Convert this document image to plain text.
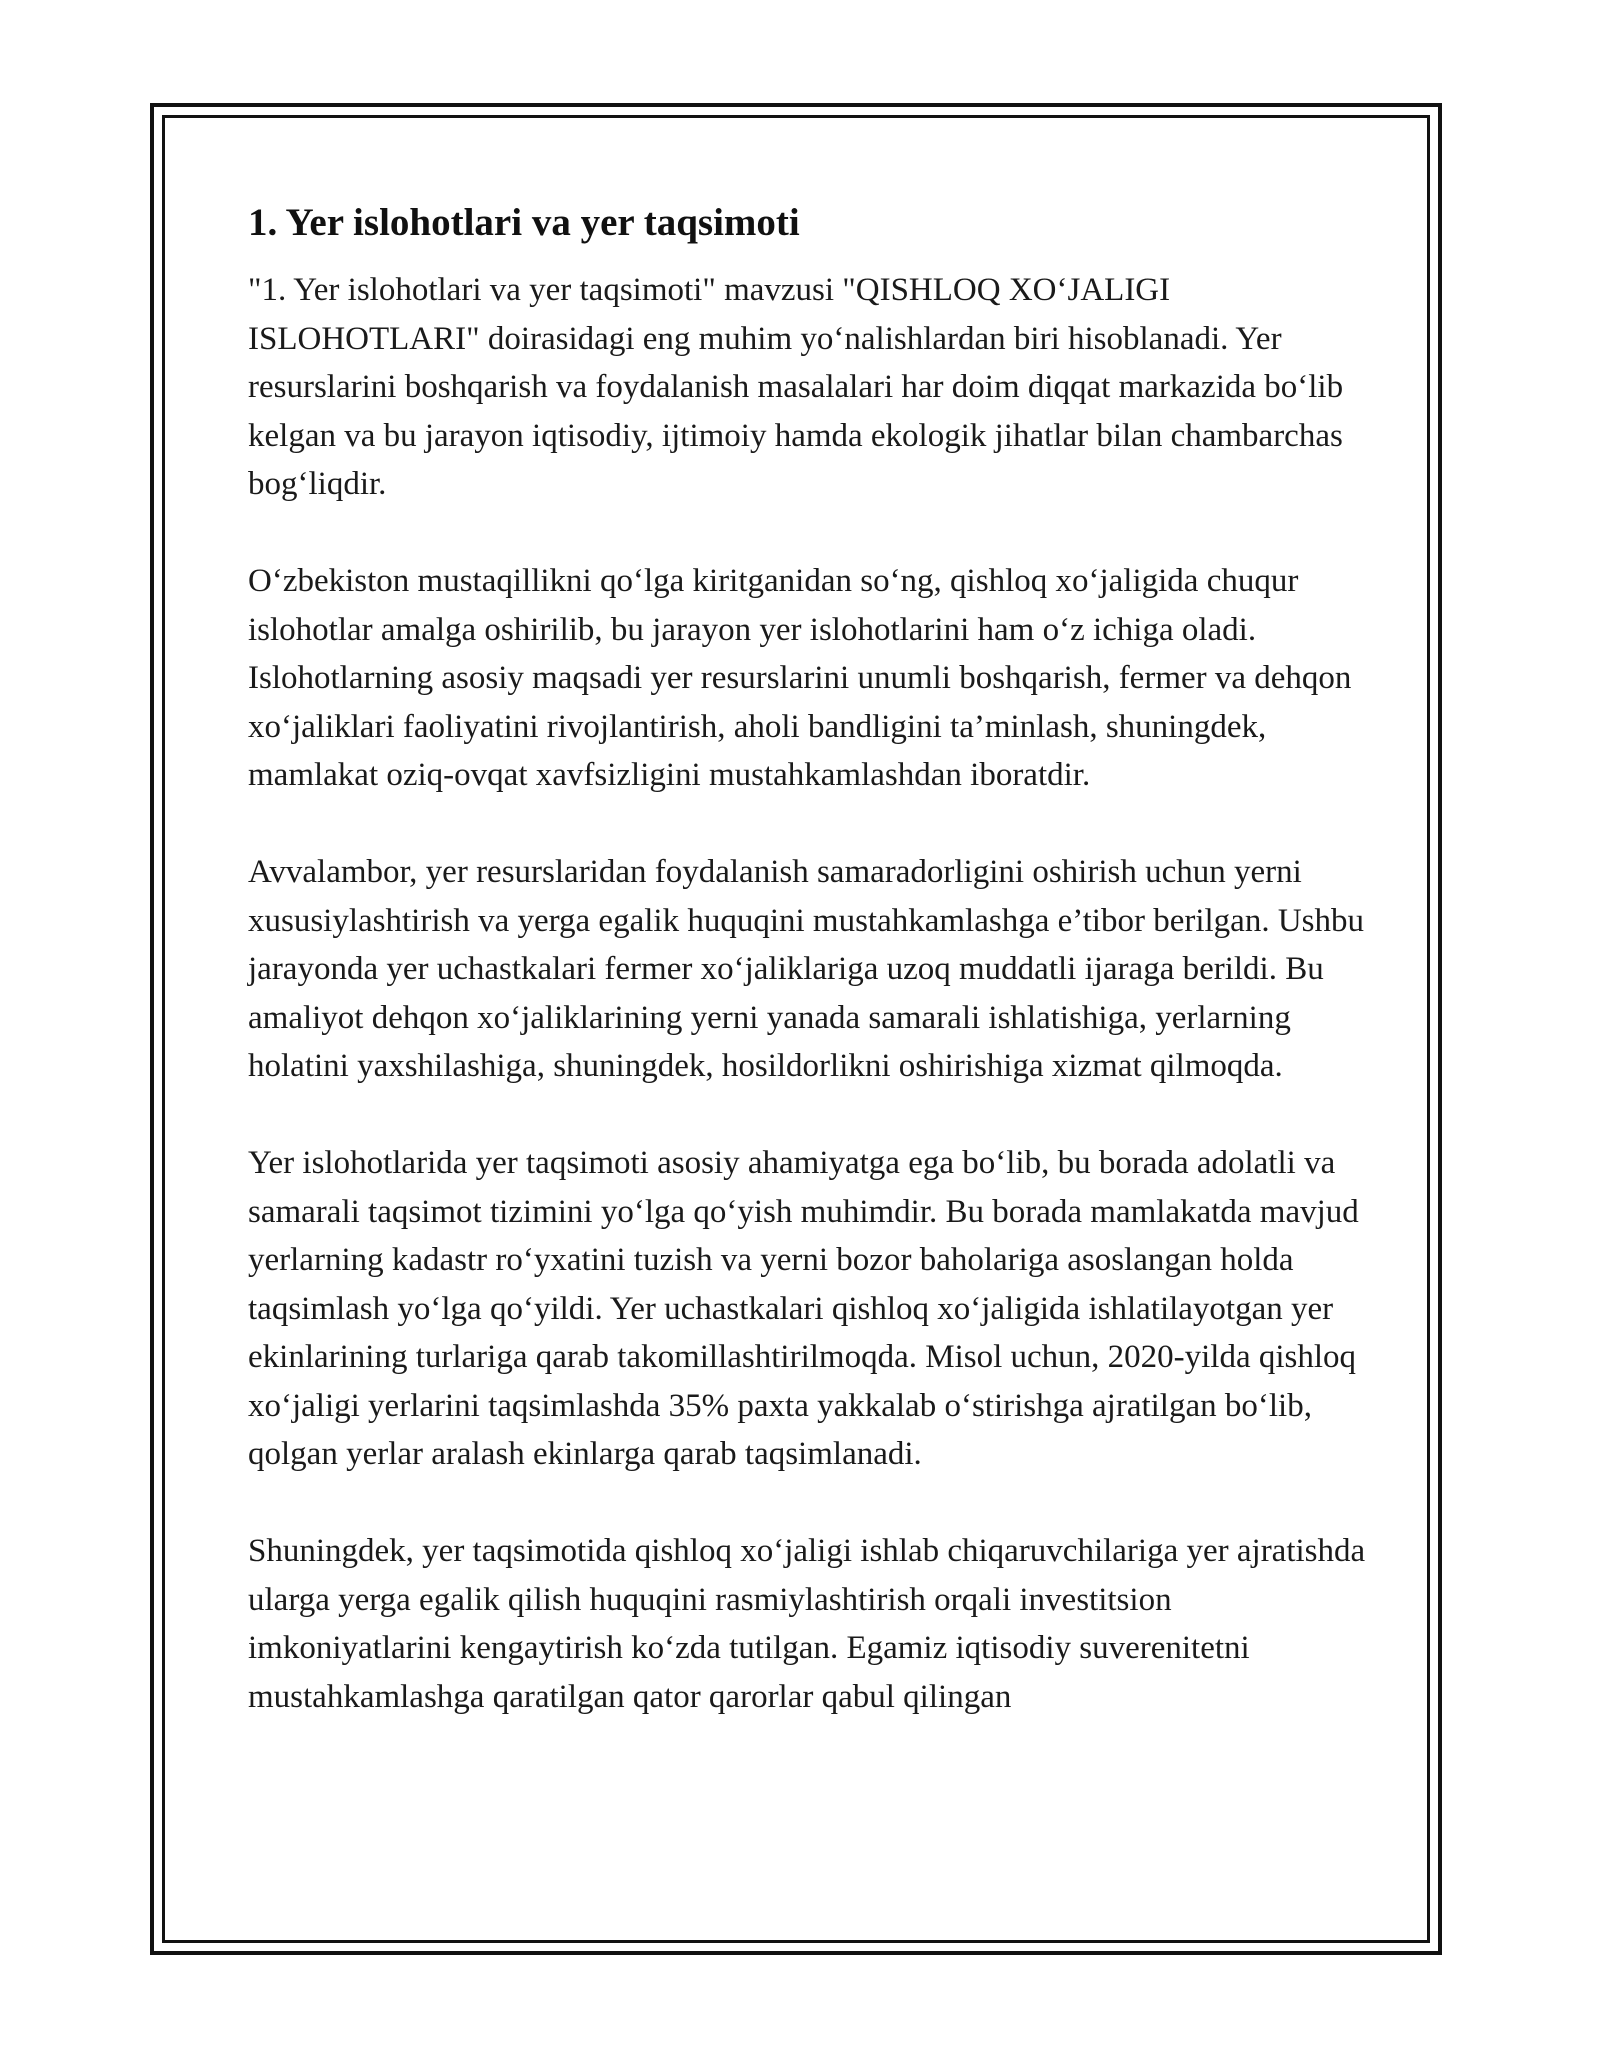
1. Yer islohotlari va yer taqsimoti

"1. Yer islohotlari va yer taqsimoti" mavzusi "QISHLOQ XO‘JALIGI ISLOHOTLARI" doirasidagi eng muhim yo‘nalishlardan biri hisoblanadi. Yer resurslarini boshqarish va foydalanish masalalari har doim diqqat markazida bo‘lib kelgan va bu jarayon iqtisodiy, ijtimoiy hamda ekologik jihatlar bilan chambarchas bog‘liqdir.

O‘zbekiston mustaqillikni qo‘lga kiritganidan so‘ng, qishloq xo‘jaligida chuqur islohotlar amalga oshirilib, bu jarayon yer islohotlarini ham o‘z ichiga oladi. Islohotlarning asosiy maqsadi yer resurslarini unumli boshqarish, fermer va dehqon xo‘jaliklari faoliyatini rivojlantirish, aholi bandligini ta’minlash, shuningdek, mamlakat oziq-ovqat xavfsizligini mustahkamlashdan iboratdir.

Avvalambor, yer resurslaridan foydalanish samaradorligini oshirish uchun yerni xususiylashtirish va yerga egalik huquqini mustahkamlashga e’tibor berilgan. Ushbu jarayonda yer uchastkalari fermer xo‘jaliklariga uzoq muddatli ijaraga berildi. Bu amaliyot dehqon xo‘jaliklarining yerni yanada samarali ishlatishiga, yerlarning holatini yaxshilashiga, shuningdek, hosildorlikni oshirishiga xizmat qilmoqda.

Yer islohotlarida yer taqsimoti asosiy ahamiyatga ega bo‘lib, bu borada adolatli va samarali taqsimot tizimini yo‘lga qo‘yish muhimdir. Bu borada mamlakatda mavjud yerlarning kadastr ro‘yxatini tuzish va yerni bozor baholariga asoslangan holda taqsimlash yo‘lga qo‘yildi. Yer uchastkalari qishloq xo‘jaligida ishlatilayotgan yer ekinlarining turlariga qarab takomillashtirilmoqda. Misol uchun, 2020-yilda qishloq xo‘jaligi yerlarini taqsimlashda 35% paxta yakkalab o‘stirishga ajratilgan bo‘lib, qolgan yerlar aralash ekinlarga qarab taqsimlanadi.

Shuningdek, yer taqsimotida qishloq xo‘jaligi ishlab chiqaruvchilariga yer ajratishda ularga yerga egalik qilish huquqini rasmiylashtirish orqali investitsion imkoniyatlarini kengaytirish ko‘zda tutilgan. Egamiz iqtisodiy suverenitetni mustahkamlashga qaratilgan qator qarorlar qabul qilingan
